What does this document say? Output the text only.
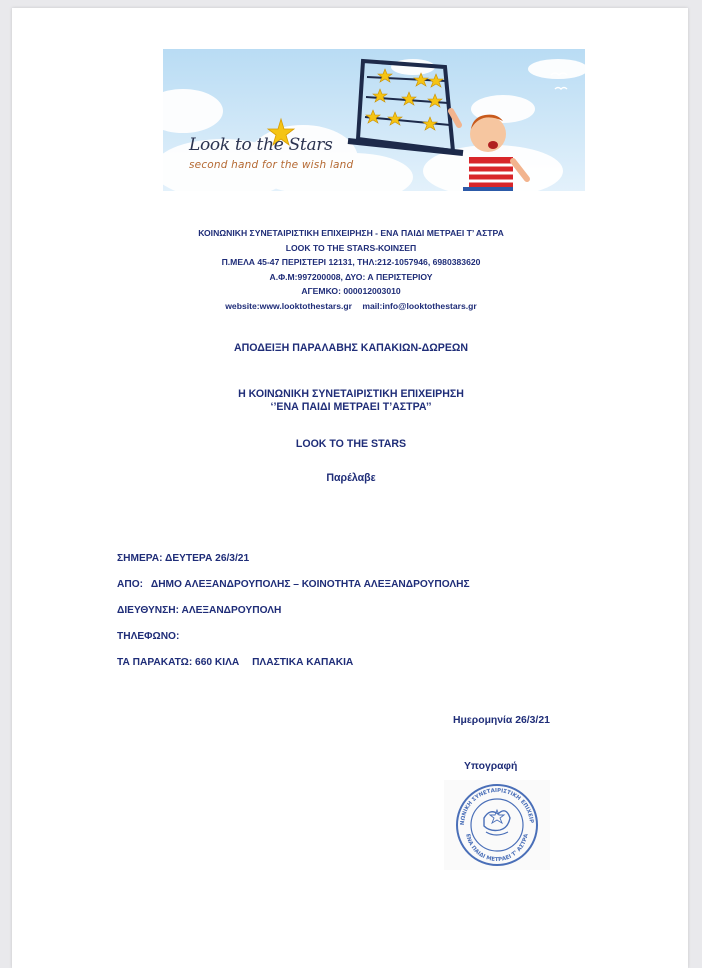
Look to the Stars
second hand for the wish land
ΚΟΙΝΩΝΙΚΗ ΣΥΝΕΤΑΙΡΙΣΤΙΚΗ ΕΠΙΧΕΙΡΗΣΗ - ΕΝΑ ΠΑΙΔΙ ΜΕΤΡΑΕΙ Τ’ ΑΣΤΡΑ
LOOK TO THE STARS-ΚΟΙΝΣΕΠ
Π.ΜΕΛΑ 45-47 ΠΕΡΙΣΤΕΡΙ 12131, ΤΗΛ:212-1057946, 6980383620
Α.Φ.Μ:997200008, ΔΥΟ: Α ΠΕΡΙΣΤΕΡΙΟΥ
ΑΓΕΜΚΟ: 000012003010
website:www.looktothestars.gr mail:info@looktothestars.gr
ΑΠΟΔΕΙΞΗ ΠΑΡΑΛΑΒΗΣ ΚΑΠΑΚΙΩΝ-ΔΩΡΕΩΝ
Η ΚΟΙΝΩΝΙΚΗ ΣΥΝΕΤΑΙΡΙΣΤΙΚΗ ΕΠΙΧΕΙΡΗΣΗ
‘’ΕΝΑ ΠΑΙΔΙ ΜΕΤΡΑΕΙ Τ’ΑΣΤΡΑ’’
LOOK TO THE STARS
Παρέλαβε
ΣΗΜΕΡΑ: ΔΕΥΤΕΡΑ 26/3/21
ΑΠΟ: ΔΗΜΟ ΑΛΕΞΑΝΔΡΟΥΠΟΛΗΣ – ΚΟΙΝΟΤΗΤΑ ΑΛΕΞΑΝΔΡΟΥΠΟΛΗΣ
ΔΙΕΥΘΥΝΣΗ: ΑΛΕΞΑΝΔΡΟΥΠΟΛΗ
ΤΗΛΕΦΩΝΟ:
ΤΑ ΠΑΡΑΚΑΤΩ: 660 ΚΙΛΑ ΠΛΑΣΤΙΚΑ ΚΑΠΑΚΙΑ
Ημερομηνία 26/3/21
Υπογραφή
ΝΩΝΙΚΗ ΣΥΝΕΤΑΙΡΙΣΤΙΚΗ ΕΠΙΧΕΙΡ
ΕΝΑ ΠΑΙΔΙ ΜΕΤΡΑΕΙ Τ’ ΑΣΤΡΑ
